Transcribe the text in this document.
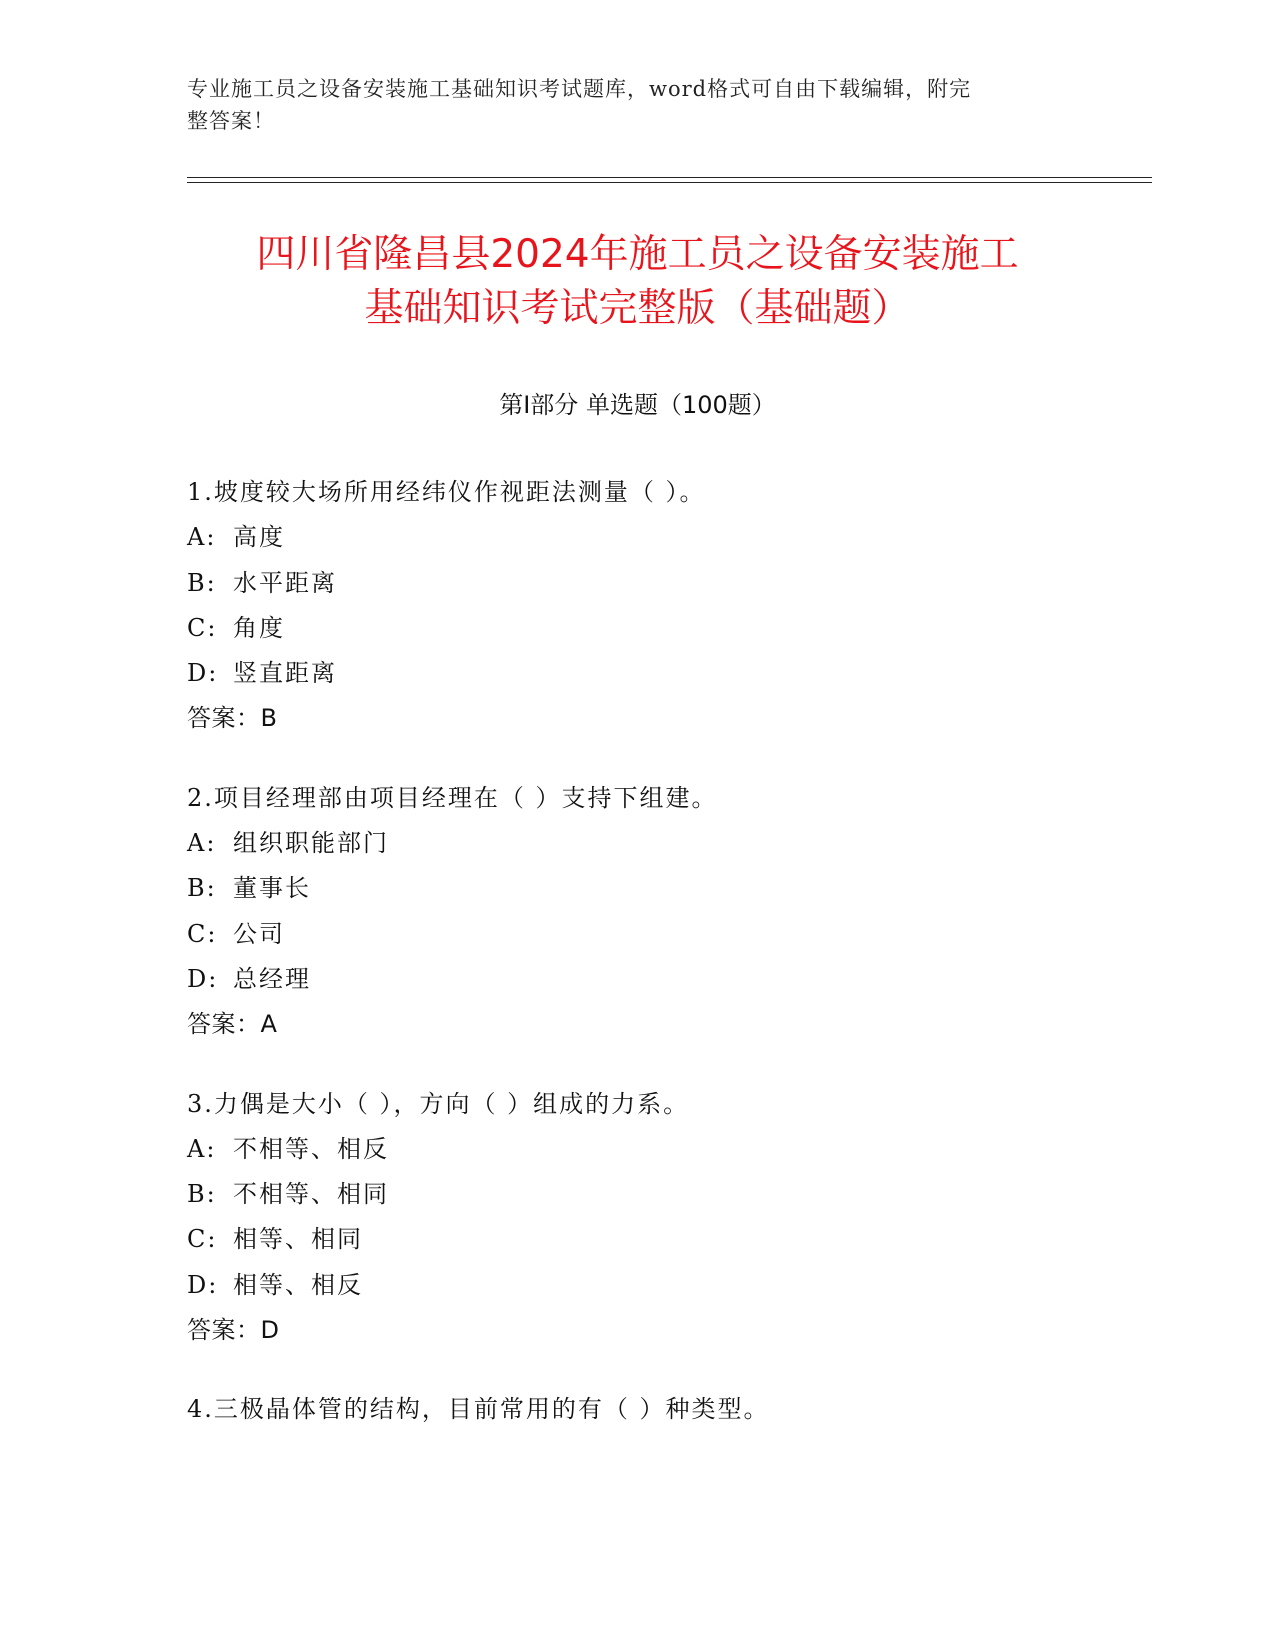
专业施工员之设备安装施工基础知识考试题库，word格式可自由下载编辑，附完
整答案！
四川省隆昌县2024年施工员之设备安装施工
基础知识考试完整版（基础题）
第Ⅰ部分 单选题（100题）
1.坡度较大场所用经纬仪作视距法测量（ ）。
A: 高度
B: 水平距离
C: 角度
D: 竖直距离
答案：B
2.项目经理部由项目经理在（ ）支持下组建。
A: 组织职能部门
B: 董事长
C: 公司
D: 总经理
答案：A
3.力偶是大小（ ），方向（ ）组成的力系。
A: 不相等、相反
B: 不相等、相同
C: 相等、相同
D: 相等、相反
答案：D
4.三极晶体管的结构，目前常用的有（ ）种类型。
